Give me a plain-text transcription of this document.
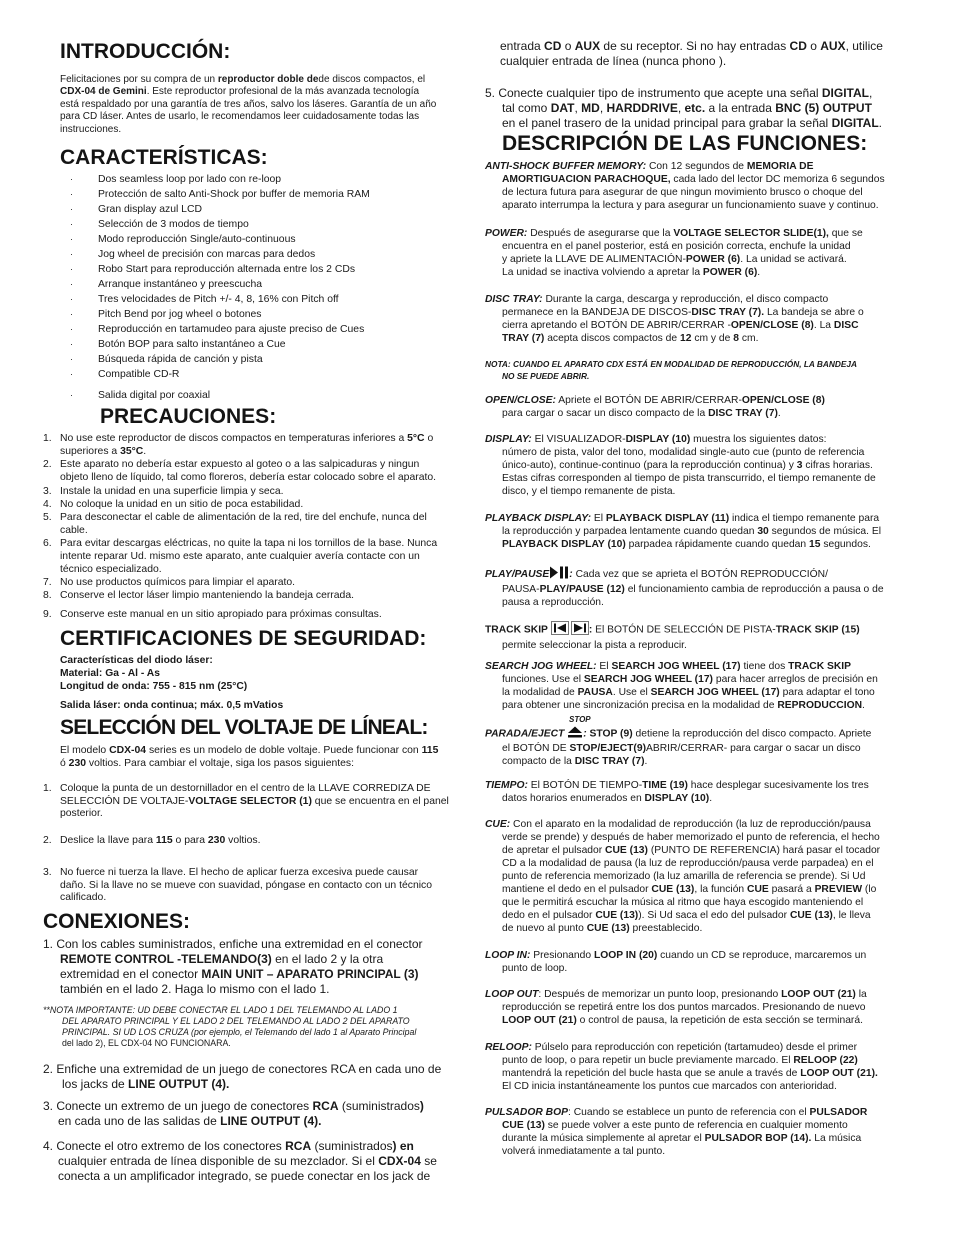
INTRODUCCIÓN:
Felicitaciones por su compra de un reproductor doble dede discos compactos, el
CDX-04 de Gemini. Este reproductor profesional de la más avanzada tecnología
está respaldado por una garantía de tres años, salvo los láseres. Garantía de un año
para CD láser. Antes de usarlo, le recomendamos leer cuidadosamente todas las
instrucciones.
CARACTERÍSTICAS:
· Dos seamless loop por lado con re-loop
· Protección de salto Anti-Shock por buffer de memoria RAM
· Gran display azul LCD
· Selección de 3 modos de tiempo
· Modo reproducción Single/auto-continuous
· Jog wheel de precisión con marcas para dedos
· Robo Start para reproducción alternada entre los 2 CDs
· Arranque instantáneo y preescucha
· Tres velocidades de Pitch +/- 4, 8, 16% con Pitch off
· Pitch Bend por jog wheel o botones
· Reproducción en tartamudeo para ajuste preciso de Cues
· Botón BOP para salto instantáneo a Cue
· Búsqueda rápida de canción y pista
· Compatible CD-R
· Salida digital por coaxial
PRECAUCIONES:
1. No use este reproductor de discos compactos en temperaturas inferiores a 5°C o
superiores a 35°C.
2. Este aparato no debería estar expuesto al goteo o a las salpicaduras y ningun
objeto lleno de líquido, tal como floreros, debería estar colocado sobre el aparato.
3. Instale la unidad en una superficie limpia y seca.
4. No coloque la unidad en un sitio de poca estabilidad.
5. Para desconectar el cable de alimentación de la red, tire del enchufe, nunca del
cable.
6. Para evitar descargas eléctricas, no quite la tapa ni los tornillos de la base. Nunca
intente reparar Ud. mismo este aparato, ante cualquier avería contacte con un
técnico especializado.
7. No use productos químicos para limpiar el aparato.
8. Conserve el lector láser limpio manteniendo la bandeja cerrada.
9. Conserve este manual en un sitio apropiado para próximas consultas.
CERTIFICACIONES DE SEGURIDAD:
Características del diodo láser:
Material: Ga - Al - As
Longitud de onda: 755 - 815 nm (25°C)
Salida láser: onda continua; máx. 0,5 mVatios
SELECCIÓN DEL VOLTAJE DE LÍNEAL:
El modelo CDX-04 series es un modelo de doble voltaje. Puede funcionar con 115
ó 230 voltios. Para cambiar el voltaje, siga los pasos siguientes:
1. Coloque la punta de un destornillador en el centro de la LLAVE CORREDIZA DE
SELECCIÓN DE VOLTAJE-VOLTAGE SELECTOR (1) que se encuentra en el panel
posterior.
2. Deslice la llave para 115 o para 230 voltios.
3. No fuerce ni tuerza la llave. El hecho de aplicar fuerza excesiva puede causar
daño. Si la llave no se mueve con suavidad, póngase en contacto con un técnico
calificado.
CONEXIONES:
1. Con los cables suministrados, enfiche una extremidad en el conector
REMOTE CONTROL -TELEMANDO(3) en el lado 2 y la otra
extremidad en el conector MAIN UNIT – APARATO PRINCIPAL (3)
también en el lado 2. Haga lo mismo con el lado 1.
**NOTA IMPORTANTE: UD DEBE CONECTAR EL LADO 1 DEL TELEMANDO AL LADO 1
DEL APARATO PRINCIPAL Y EL LADO 2 DEL TELEMANDO AL LADO 2 DEL APARATO
PRINCIPAL. SI UD LOS CRUZA (por ejemplo, el Telemando del lado 1 al Aparato Principal
del lado 2), EL CDX-04 NO FUNCIONARA.
2. Enfiche una extremidad de un juego de conectores RCA en cada uno de
los jacks de LINE OUTPUT (4).
3. Conecte un extremo de un juego de conectores RCA (suministrados)
en cada uno de las salidas de LINE OUTPUT (4).
4. Conecte el otro extremo de los conectores RCA (suministrados) en
cualquier entrada de línea disponible de su mezclador. Si el CDX-04 se
conecta a un amplificador integrado, se puede conectar en los jack de
entrada CD o AUX de su receptor. Si no hay entradas CD o AUX, utilice
cualquier entrada de línea (nunca phono ).
5. Conecte cualquier tipo de instrumento que acepte una señal DIGITAL,
tal como DAT, MD, HARDDRIVE, etc. a la entrada BNC (5) OUTPUT
en el panel trasero de la unidad principal para grabar la señal DIGITAL.
DESCRIPCIÓN DE LAS FUNCIONES:
ANTI-SHOCK BUFFER MEMORY: Con 12 segundos de MEMORIA DE
AMORTIGUACION PARACHOQUE, cada lado del lector DC memoriza 6 segundos
de lectura futura para asegurar de que ningun movimiento brusco o choque del
aparato interrumpa la lectura y para asegurar un funcionamiento suave y continuo.
POWER: Después de asegurarse que la VOLTAGE SELECTOR SLIDE(1), que se
encuentra en el panel posterior, está en posición correcta, enchufe la unidad
y apriete la LLAVE DE ALIMENTACIÓN-POWER (6). La unidad se activará.
La unidad se inactiva volviendo a apretar la POWER (6).
DISC TRAY: Durante la carga, descarga y reproducción, el disco compacto
permanece en la BANDEJA DE DISCOS-DISC TRAY (7). La bandeja se abre o
cierra apretando el BOTÓN DE ABRIR/CERRAR -OPEN/CLOSE (8). La DISC
TRAY (7) acepta discos compactos de 12 cm y de 8 cm.
NOTA: CUANDO EL APARATO CDX ESTÁ EN MODALIDAD DE REPRODUCCIÓN, LA BANDEJA
NO SE PUEDE ABRIR.
OPEN/CLOSE: Apriete el BOTÓN DE ABRIR/CERRAR-OPEN/CLOSE (8)
para cargar o sacar un disco compacto de la DISC TRAY (7).
DISPLAY: El VISUALIZADOR-DISPLAY (10) muestra los siguientes datos:
número de pista, valor del tono, modalidad single-auto cue (punto de referencia
único-auto), continue-continuo (para la reproducción continua) y 3 cifras horarias.
Estas cifras corresponden al tiempo de pista transcurrido, el tiempo remanente de
disco, y el tiempo remanente de pista.
PLAYBACK DISPLAY: El PLAYBACK DISPLAY (11) indica el tiempo remanente para
la reproducción y parpadea lentamente cuando quedan 30 segundos de música. El
PLAYBACK DISPLAY (10) parpadea rápidamente cuando quedan 15 segundos.
PLAY/PAUSE : Cada vez que se aprieta el BOTÓN REPRODUCCIÓN/
PAUSA-PLAY/PAUSE (12) el funcionamiento cambia de reproducción a pausa o de
pausa a reproducción.
TRACK SKIP	: El BOTÓN DE SELECCIÓN DE PISTA-TRACK SKIP (15)
permite seleccionar la pista a reproducir.
SEARCH JOG WHEEL: El SEARCH JOG WHEEL (17) tiene dos TRACK SKIP
funciones. Use el SEARCH JOG WHEEL (17) para hacer arreglos de precisión en
la modalidad de PAUSA. Use el SEARCH JOG WHEEL (17) para adaptar el tono
para obtener une sincronización precisa en la modalidad de REPRODUCCION.
STOP
PARADA/EJECT : STOP (9) detiene la reproducción del disco compacto. Apriete
el BOTÓN DE STOP/EJECT(9)ABRIR/CERRAR- para cargar o sacar un disco
compacto de la DISC TRAY (7).
TIEMPO: El BOTÓN DE TIEMPO-TIME (19) hace desplegar sucesivamente los tres
datos horarios enumerados en DISPLAY (10).
CUE: Con el aparato en la modalidad de reproducción (la luz de reproducción/pausa
verde se prende) y después de haber memorizado el punto de referencia, el hecho
de apretar el pulsador CUE (13) (PUNTO DE REFERENCIA) hará pasar el tocador
CD a la modalidad de pausa (la luz de reproducción/pausa verde parpadea) en el
punto de referencia memorizado (la luz amarilla de referencia se prende). Si Ud
mantiene el dedo en el pulsador CUE (13), la función CUE pasará a PREVIEW (lo
que le permitirá escuchar la música al ritmo que haya escogido manteniendo el
dedo en el pulsador CUE (13)). Si Ud saca el edo del pulsador CUE (13), le lleva
de nuevo al punto CUE (13) preestablecido.
LOOP IN: Presionando LOOP IN (20) cuando un CD se reproduce, marcaremos un
punto de loop.
LOOP OUT: Después de memorizar un punto loop, presionando LOOP OUT (21) la
reproducción se repetirá entre los dos puntos marcados. Presionando de nuevo
LOOP OUT (21) o control de pausa, la repetición de esta sección se terminará.
RELOOP: Púlselo para reproducción con repetición (tartamudeo) desde el primer
punto de loop, o para repetir un bucle previamente marcado. El RELOOP (22)
mantendrá la repetición del bucle hasta que se anule a través de LOOP OUT (21).
El CD inicia instantáneamente los puntos cue marcados con anterioridad.
PULSADOR BOP: Cuando se establece un punto de referencia con el PULSADOR
CUE (13) se puede volver a este punto de referencia en cualquier momento
durante la música simplemente al apretar el PULSADOR BOP (14). La música
volverá inmediatamente a tal punto.
